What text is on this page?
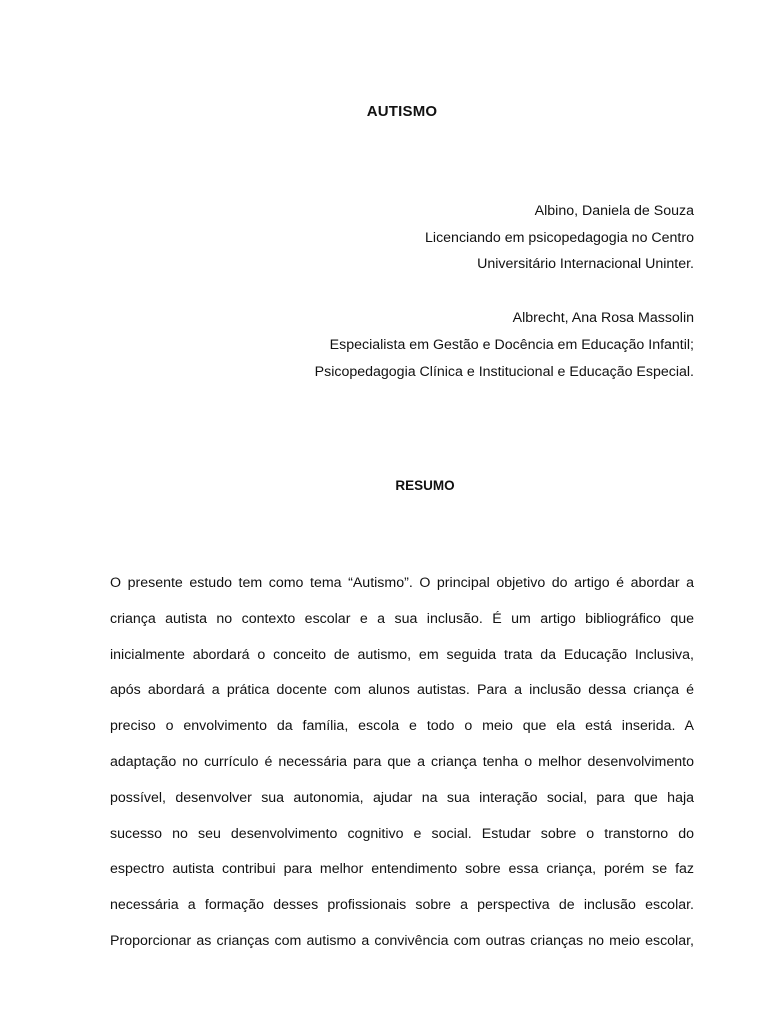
AUTISMO
Albino, Daniela de Souza
Licenciando em psicopedagogia no Centro
Universitário Internacional Uninter.
Albrecht, Ana Rosa Massolin
Especialista em Gestão e Docência em Educação Infantil;
Psicopedagogia Clínica e Institucional e Educação Especial.
RESUMO
O presente estudo tem como tema “Autismo”. O principal objetivo do artigo é abordar a
criança autista no contexto escolar e a sua inclusão. É um artigo bibliográfico que
inicialmente abordará o conceito de autismo, em seguida trata da Educação Inclusiva,
após abordará a prática docente com alunos autistas. Para a inclusão dessa criança é
preciso o envolvimento da família, escola e todo o meio que ela está inserida. A
adaptação no currículo é necessária para que a criança tenha o melhor desenvolvimento
possível, desenvolver sua autonomia, ajudar na sua interação social, para que haja
sucesso no seu desenvolvimento cognitivo e social. Estudar sobre o transtorno do
espectro autista contribui para melhor entendimento sobre essa criança, porém se faz
necessária a formação desses profissionais sobre a perspectiva de inclusão escolar.
Proporcionar as crianças com autismo a convivência com outras crianças no meio escolar,
